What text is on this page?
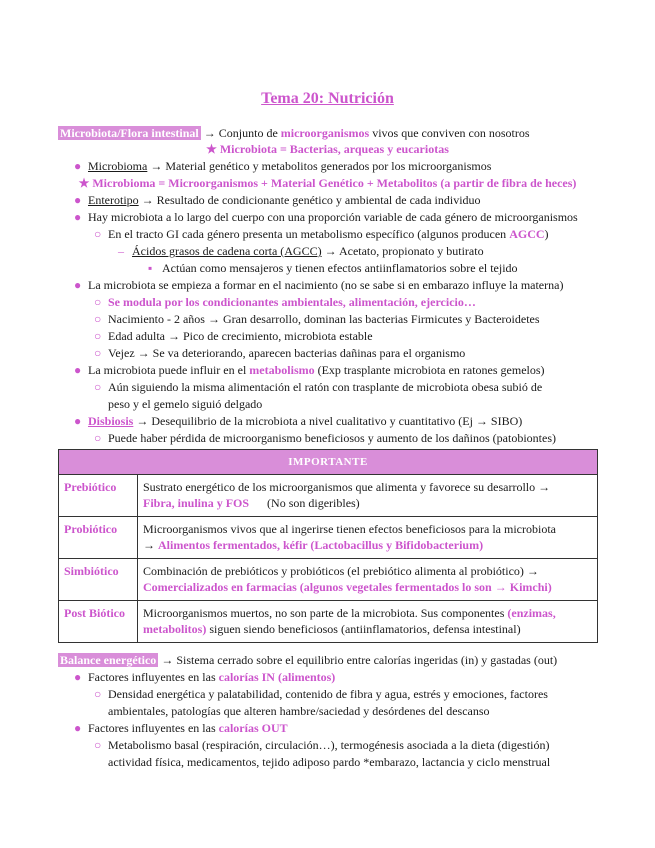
Tema 20: Nutrición
Microbiota/Flora intestinal → Conjunto de microorganismos vivos que conviven con nosotros
★ Microbiota = Bacterias, arqueas y eucariotas
● Microbioma → Material genético y metabolitos generados por los microorganismos
★ Microbioma = Microorganismos + Material Genético + Metabolitos (a partir de fibra de heces)
● Enterotipo → Resultado de condicionante genético y ambiental de cada individuo
● Hay microbiota a lo largo del cuerpo con una proporción variable de cada género de microorganismos
○ En el tracto GI cada género presenta un metabolismo específico (algunos producen AGCC)
– Ácidos grasos de cadena corta (AGCC) → Acetato, propionato y butirato
▪ Actúan como mensajeros y tienen efectos antiinflamatorios sobre el tejido
● La microbiota se empieza a formar en el nacimiento (no se sabe si en embarazo influye la materna)
○ Se modula por los condicionantes ambientales, alimentación, ejercicio…
○ Nacimiento - 2 años → Gran desarrollo, dominan las bacterias Firmicutes y Bacteroidetes
○ Edad adulta → Pico de crecimiento, microbiota estable
○ Vejez → Se va deteriorando, aparecen bacterias dañinas para el organismo
● La microbiota puede influir en el metabolismo (Exp trasplante microbiota en ratones gemelos)
○ Aún siguiendo la misma alimentación el ratón con trasplante de microbiota obesa subió de
peso y el gemelo siguió delgado
● Disbiosis → Desequilibrio de la microbiota a nivel cualitativo y cuantitativo (Ej → SIBO)
○ Puede haber pérdida de microorganismo beneficiosos y aumento de los dañinos (patobiontes)
IMPORTANTE	
Prebiótico	Sustrato energético de los microorganismos que alimenta y favorece su desarrollo →
Fibra, inulina y FOS (No son digeribles)
Probiótico	Microorganismos vivos que al ingerirse tienen efectos beneficiosos para la microbiota
→ Alimentos fermentados, kéfir (Lactobacillus y Bifidobacterium)
Simbiótico	Combinación de prebióticos y probióticos (el prebiótico alimenta al probiótico) →
Comercializados en farmacias (algunos vegetales fermentados lo son → Kimchi)
Post Biótico	Microorganismos muertos, no son parte de la microbiota. Sus componentes (enzimas,
metabolitos) siguen siendo beneficiosos (antiinflamatorios, defensa intestinal)
Balance energético → Sistema cerrado sobre el equilibrio entre calorías ingeridas (in) y gastadas (out)
● Factores influyentes en las calorías IN (alimentos)
○ Densidad energética y palatabilidad, contenido de fibra y agua, estrés y emociones, factores
ambientales, patologías que alteren hambre/saciedad y desórdenes del descanso
● Factores influyentes en las calorías OUT
○ Metabolismo basal (respiración, circulación…), termogénesis asociada a la dieta (digestión)
actividad física, medicamentos, tejido adiposo pardo *embarazo, lactancia y ciclo menstrual
